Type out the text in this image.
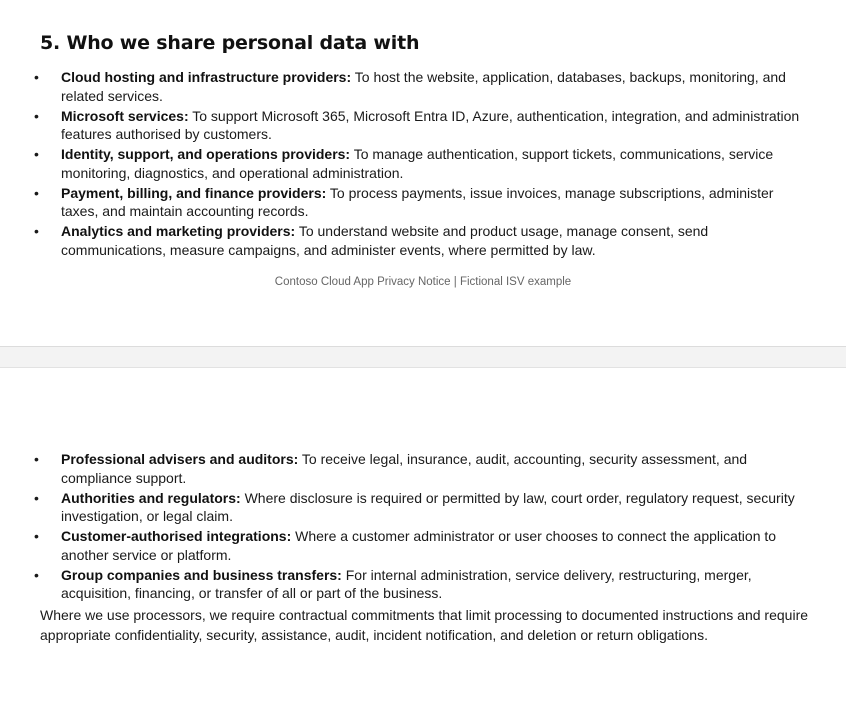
5. Who we share personal data with
• Cloud hosting and infrastructure providers: To host the website, application, databases, backups, monitoring, and related services.
• Microsoft services: To support Microsoft 365, Microsoft Entra ID, Azure, authentication, integration, and administration features authorised by customers.
• Identity, support, and operations providers: To manage authentication, support tickets, communications, service monitoring, diagnostics, and operational administration.
• Payment, billing, and finance providers: To process payments, issue invoices, manage subscriptions, administer taxes, and maintain accounting records.
• Analytics and marketing providers: To understand website and product usage, manage consent, send communications, measure campaigns, and administer events, where permitted by law.
Contoso Cloud App Privacy Notice | Fictional ISV example
• Professional advisers and auditors: To receive legal, insurance, audit, accounting, security assessment, and compliance support.
• Authorities and regulators: Where disclosure is required or permitted by law, court order, regulatory request, security investigation, or legal claim.
• Customer-authorised integrations: Where a customer administrator or user chooses to connect the application to another service or platform.
• Group companies and business transfers: For internal administration, service delivery, restructuring, merger, acquisition, financing, or transfer of all or part of the business.

Where we use processors, we require contractual commitments that limit processing to documented instructions and require appropriate confidentiality, security, assistance, audit, incident notification, and deletion or return obligations.
